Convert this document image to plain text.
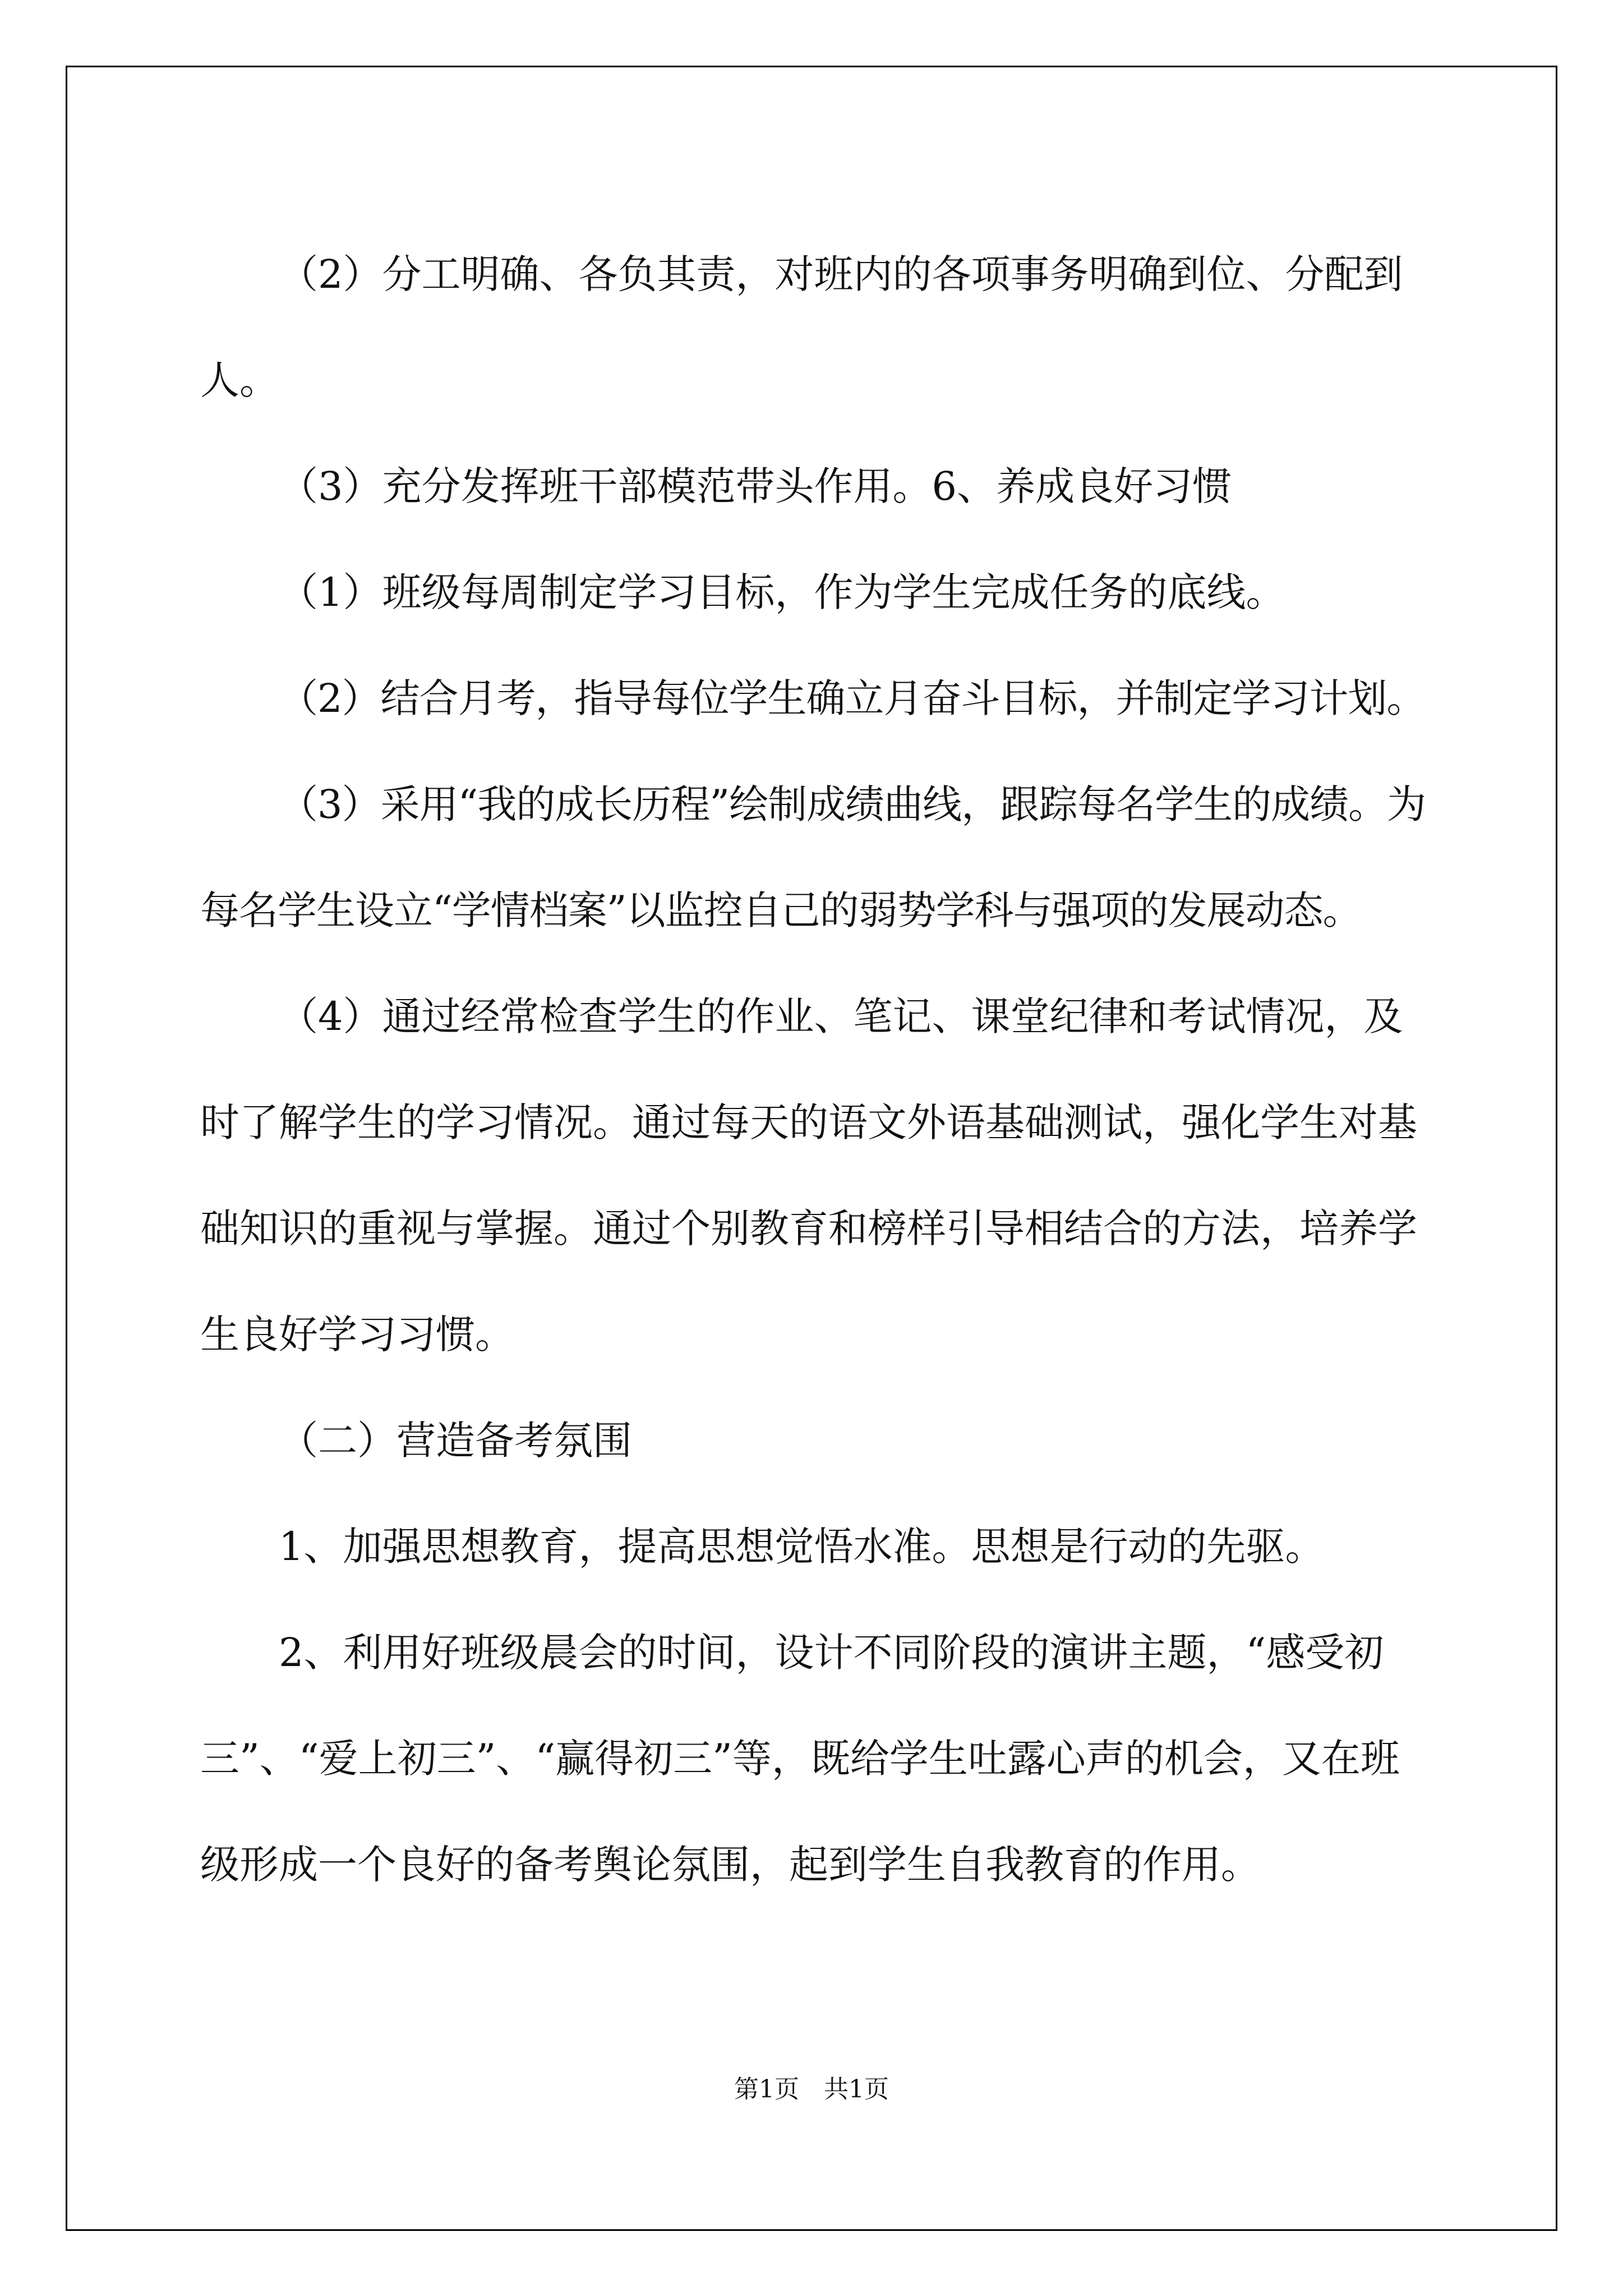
（2）分工明确、各负其责，对班内的各项事务明确到位、分配到人。

（3）充分发挥班干部模范带头作用。6、养成良好习惯

（1）班级每周制定学习目标，作为学生完成任务的底线。

（2）结合月考，指导每位学生确立月奋斗目标，并制定学习计划。

（3）采用“我的成长历程”绘制成绩曲线，跟踪每名学生的成绩。为每名学生设立“学情档案”以监控自己的弱势学科与强项的发展动态。

（4）通过经常检查学生的作业、笔记、课堂纪律和考试情况，及时了解学生的学习情况。通过每天的语文外语基础测试，强化学生对基础知识的重视与掌握。通过个别教育和榜样引导相结合的方法，培养学生良好学习习惯。

（二）营造备考氛围

1、加强思想教育，提高思想觉悟水准。思想是行动的先驱。

2、利用好班级晨会的时间，设计不同阶段的演讲主题，“感受初三”、“爱上初三”、“赢得初三”等，既给学生吐露心声的机会，又在班级形成一个良好的备考舆论氛围，起到学生自我教育的作用。

第1页　共1页
